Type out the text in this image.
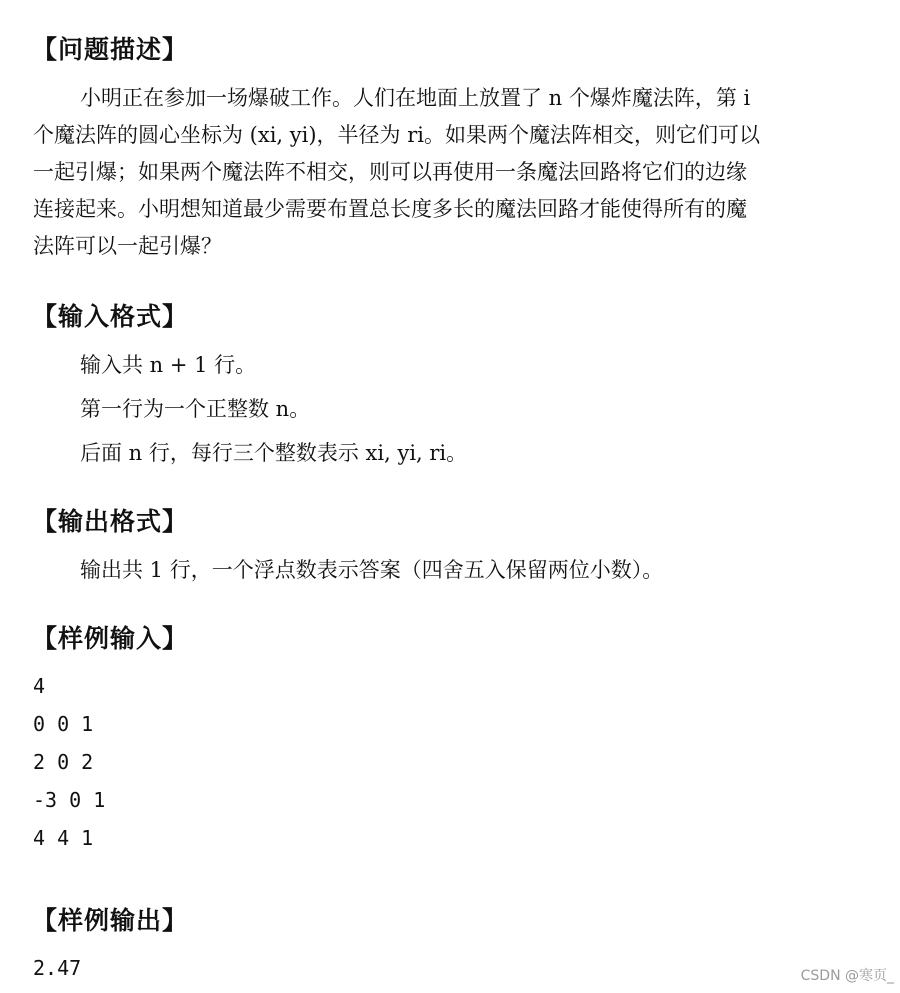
【问题描述】
小明正在参加一场爆破工作。人们在地面上放置了 n 个爆炸魔法阵，第 i
个魔法阵的圆心坐标为 (xi, yi)，半径为 ri。如果两个魔法阵相交，则它们可以
一起引爆；如果两个魔法阵不相交，则可以再使用一条魔法回路将它们的边缘
连接起来。小明想知道最少需要布置总长度多长的魔法回路才能使得所有的魔
法阵可以一起引爆？
【输入格式】
输入共 n + 1 行。
第一行为一个正整数 n。
后面 n 行，每行三个整数表示 xi, yi, ri。
【输出格式】
输出共 1 行，一个浮点数表示答案（四舍五入保留两位小数）。
【样例输入】
4
0 0 1
2 0 2
-3 0 1
4 4 1
【样例输出】
2.47	CSDN @寒页_
